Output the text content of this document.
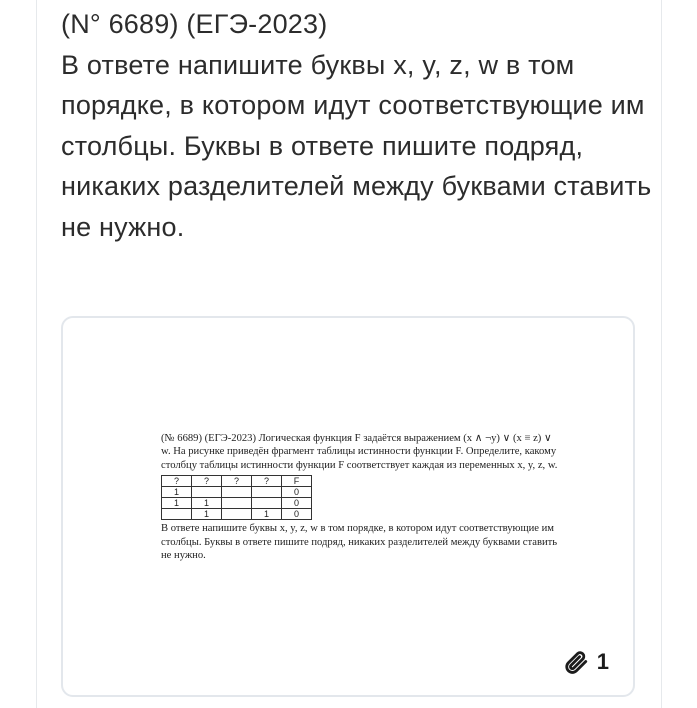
(N° 6689) (ЕГЭ-2023)
В ответе напишите буквы x, y, z, w в том порядке, в котором идут соответствующие им столбцы. Буквы в ответе пишите подряд, никаких разделителей между буквами ставить не нужно.

(№ 6689) (ЕГЭ-2023) Логическая функция F задаётся выражением (x ∧ ¬y) ∨ (x ≡ z) ∨ w. На рисунке приведён фрагмент таблицы истинности функции F. Определите, какому столбцу таблицы истинности функции F соответствует каждая из переменных x, y, z, w.

?	?	?	?	F
1				0
1	1			0
	1		1	0

В ответе напишите буквы x, y, z, w в том порядке, в котором идут соответствующие им столбцы. Буквы в ответе пишите подряд, никаких разделителей между буквами ставить не нужно.

1
